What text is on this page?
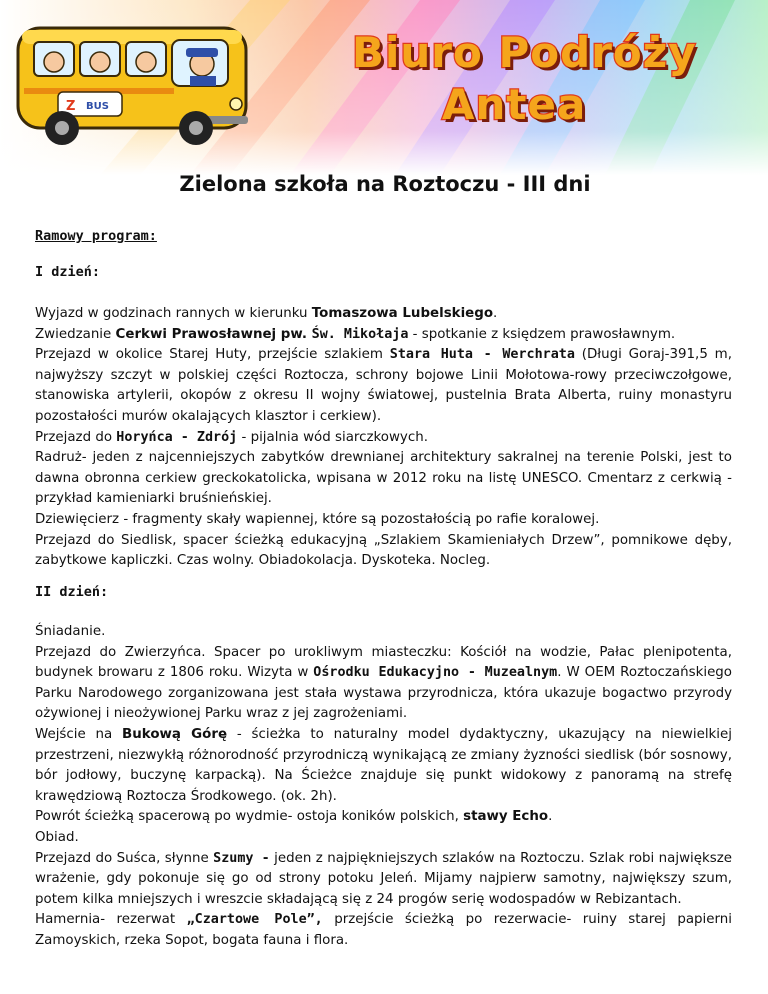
Z BUS

Biuro Podróży

Antea

Zielona szkoła na Roztoczu - III dni

Ramowy program:

I dzień:

Wyjazd w godzinach rannych w kierunku Tomaszowa Lubelskiego.
Zwiedzanie Cerkwi Prawosławnej pw. Św. Mikołaja - spotkanie z księdzem prawosławnym.
Przejazd w okolice Starej Huty, przejście szlakiem Stara Huta - Werchrata (Długi Goraj-391,5 m, najwyższy szczyt w polskiej części Roztocza, schrony bojowe Linii Mołotowa-rowy przeciwczołgowe, stanowiska artylerii, okopów z okresu II wojny światowej, pustelnia Brata Alberta, ruiny monastyru pozostałości murów okalających klasztor i cerkiew).
Przejazd do Horyńca - Zdrój - pijalnia wód siarczkowych.
Radruż- jeden z najcenniejszych zabytków drewnianej architektury sakralnej na terenie Polski, jest to dawna obronna cerkiew greckokatolicka, wpisana w 2012 roku na listę UNESCO. Cmentarz z cerkwią - przykład kamieniarki bruśnieńskiej.
Dziewięcierz - fragmenty skały wapiennej, które są pozostałością po rafie koralowej.
Przejazd do Siedlisk, spacer ścieżką edukacyjną „Szlakiem Skamieniałych Drzew”, pomnikowe dęby, zabytkowe kapliczki. Czas wolny. Obiadokolacja. Dyskoteka. Nocleg.

II dzień:

Śniadanie.
Przejazd do Zwierzyńca. Spacer po urokliwym miasteczku: Kościół na wodzie, Pałac plenipotenta, budynek browaru z 1806 roku. Wizyta w Ośrodku Edukacyjno - Muzealnym. W OEM Roztoczańskiego Parku Narodowego zorganizowana jest stała wystawa przyrodnicza, która ukazuje bogactwo przyrody ożywionej i nieożywionej Parku wraz z jej zagrożeniami.
Wejście na Bukową Górę - ścieżka to naturalny model dydaktyczny, ukazujący na niewielkiej przestrzeni, niezwykłą różnorodność przyrodniczą wynikającą ze zmiany żyzności siedlisk (bór sosnowy, bór jodłowy, buczynę karpacką). Na Ścieżce znajduje się punkt widokowy z panoramą na strefę krawędziową Roztocza Środkowego. (ok. 2h).
Powrót ścieżką spacerową po wydmie- ostoja koników polskich, stawy Echo.
Obiad.
Przejazd do Suśca, słynne Szumy - jeden z najpiękniejszych szlaków na Roztoczu. Szlak robi największe wrażenie, gdy pokonuje się go od strony potoku Jeleń. Mijamy najpierw samotny, największy szum, potem kilka mniejszych i wreszcie składającą się z 24 progów serię wodospadów w Rebizantach.
Hamernia- rezerwat „Czartowe Pole”, przejście ścieżką po rezerwacie- ruiny starej papierni Zamoyskich, rzeka Sopot, bogata fauna i flora.
